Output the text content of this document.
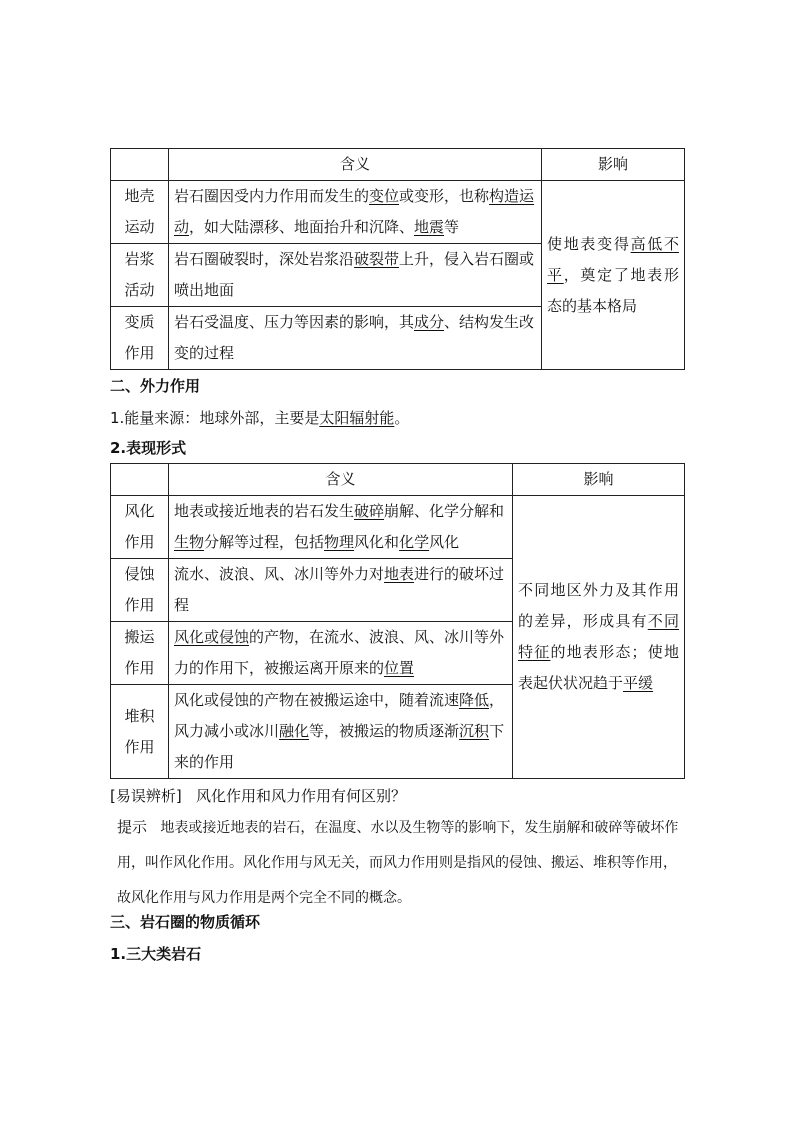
	含义	影响
地壳运动	岩石圈因受内力作用而发生的变位或变形，也称构造运动，如大陆漂移、地面抬升和沉降、地震等	使地表变得高低不平，奠定了地表形态的基本格局
岩浆活动	岩石圈破裂时，深处岩浆沿破裂带上升，侵入岩石圈或喷出地面	
变质作用	岩石受温度、压力等因素的影响，其成分、结构发生改变的过程	
二、外力作用
1.能量来源：地球外部，主要是太阳辐射能。
2.表现形式
	含义	影响
风化作用	地表或接近地表的岩石发生破碎崩解、化学分解和生物分解等过程，包括物理风化和化学风化	不同地区外力及其作用的差异，形成具有不同特征的地表形态；使地表起伏状况趋于平缓
侵蚀作用	流水、波浪、风、冰川等外力对地表进行的破坏过程	
搬运作用	风化或侵蚀的产物，在流水、波浪、风、冰川等外力的作用下，被搬运离开原来的位置	
堆积作用	风化或侵蚀的产物在被搬运途中，随着流速降低，风力减小或冰川融化等，被搬运的物质逐渐沉积下来的作用	
[易误辨析] 风化作用和风力作用有何区别？
提示 地表或接近地表的岩石，在温度、水以及生物等的影响下，发生崩解和破碎等破坏作用，叫作风化作用。风化作用与风无关，而风力作用则是指风的侵蚀、搬运、堆积等作用，故风化作用与风力作用是两个完全不同的概念。
三、岩石圈的物质循环
1.三大类岩石
